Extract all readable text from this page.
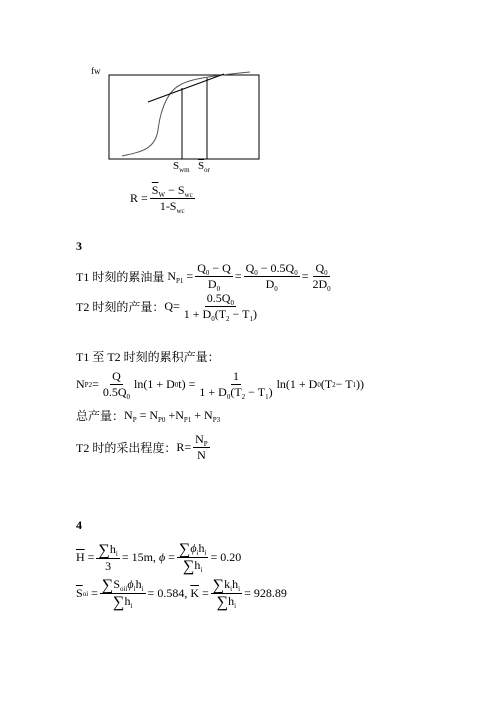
fw
$S_{wm}$ $\overline{S}_{or}$
$R = \frac{\overline{S}_W - S_{wc}}{1-S_{wc}}$
3
T1 时刻的累油量 $N_{P1} = \frac{Q_0 - Q}{D_0} = \frac{Q_0 - 0.5Q_0}{D_0} = \frac{Q_0}{2D_0}$
T2 时刻的产量： $Q= \frac{0.5Q_0}{1 + D_0(T_2 - T_1)}$
T1 至 T2 时刻的累积产量：
N $P2 = \frac{Q}{0.5Q_0} \ln(1 + D$ 0 $t) = \frac{1}{1 + D_0(T_2 - T_1)} \ln(1 + D$ 0 (T 2 − T 1 ))
总产量： $N_P = N_{P0} +N_{P1} + N_{P3}$
T2 时的采出程度： $R= \frac{N_P}{N}$
4
$\overline{H} = \frac{\sum h_i}{3} = 15m$,
$\phi = \frac{\sum\phi_ih_i}{\sum h_i} = 0.20$
$\overline{S}$ oi = $\frac{\sum S_{oii}\phi_ih_i}{\sum h_i} = 0.584$,
$\overline{K} = \frac{\sum k_ih_i}{\sum h_i} = 928.89$
